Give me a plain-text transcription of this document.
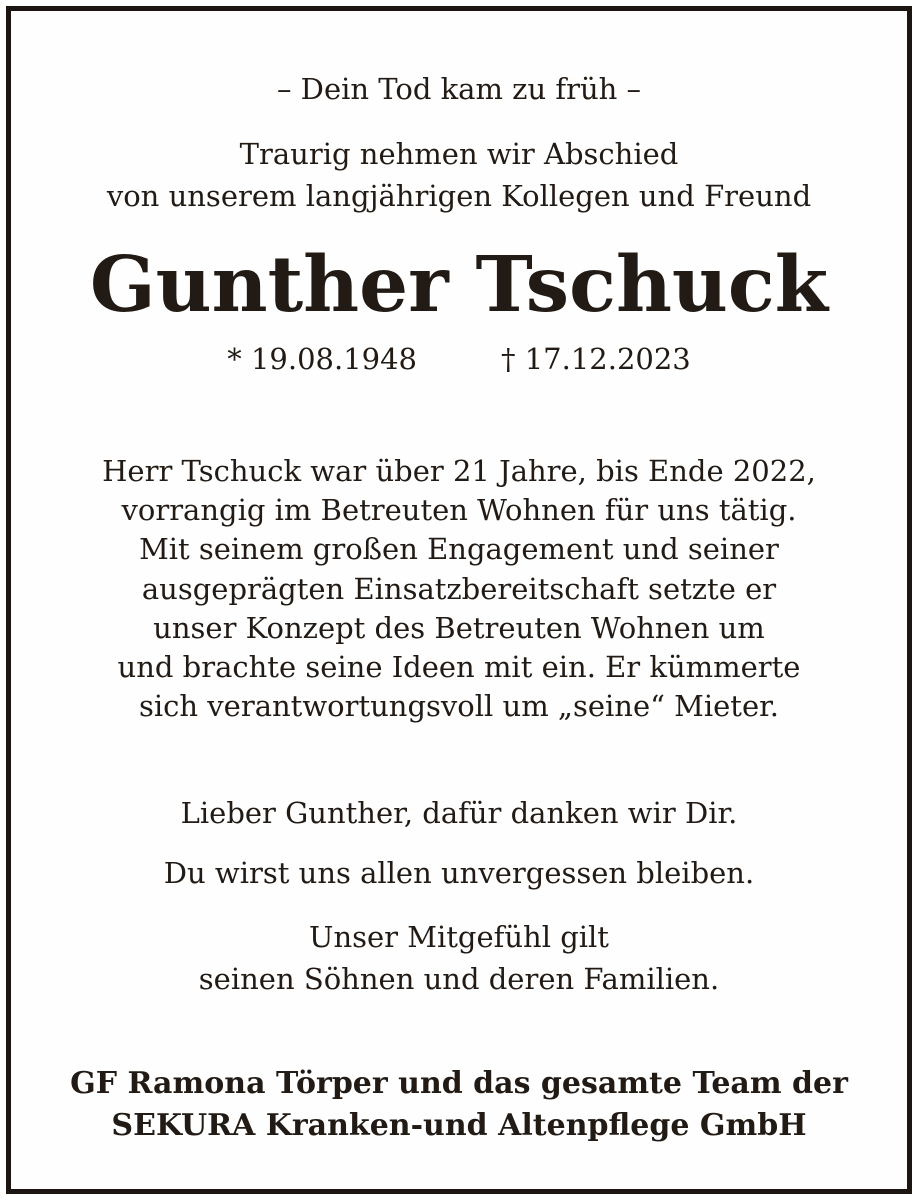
– Dein Tod kam zu früh –
Traurig nehmen wir Abschied
von unserem langjährigen Kollegen und Freund
Gunther Tschuck
* 19.08.1948	† 17.12.2023
Herr Tschuck war über 21 Jahre, bis Ende 2022,
vorrangig im Betreuten Wohnen für uns tätig.
Mit seinem großen Engagement und seiner
ausgeprägten Einsatzbereitschaft setzte er
unser Konzept des Betreuten Wohnen um
und brachte seine Ideen mit ein. Er kümmerte
sich verantwortungsvoll um „seine“ Mieter.
Lieber Gunther, dafür danken wir Dir.
Du wirst uns allen unvergessen bleiben.
Unser Mitgefühl gilt
seinen Söhnen und deren Familien.
GF Ramona Törper und das gesamte Team der
SEKURA Kranken-und Altenpflege GmbH
